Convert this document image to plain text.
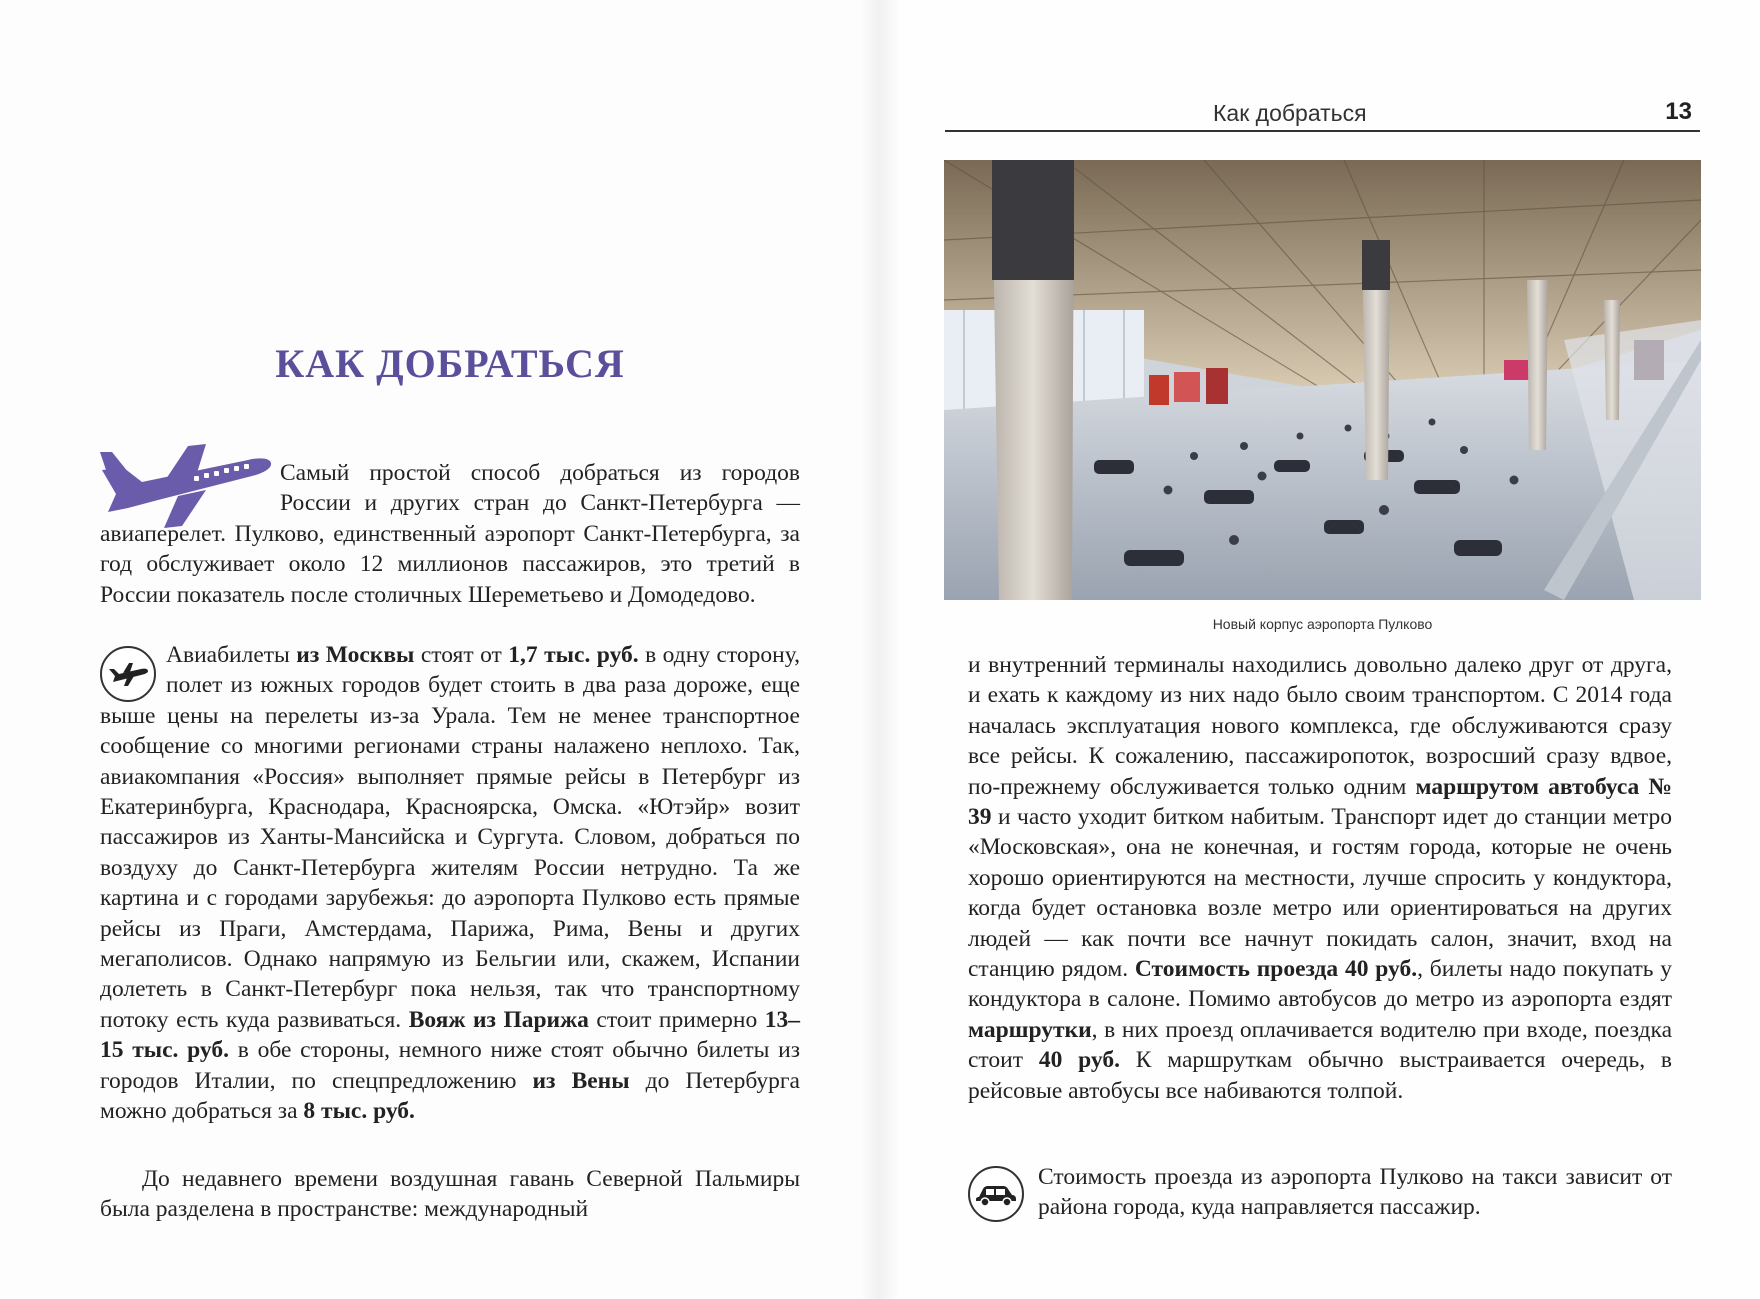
КАК ДОБРАТЬСЯ

Самый простой способ добраться из городов России и других стран до Санкт-Петербурга — авиаперелет. Пулково, единственный аэропорт Санкт-Петербурга, за год обслуживает около 12 миллионов пассажиров, это третий в России показатель после столичных Шереметьево и Домодедово.

Авиабилеты из Москвы стоят от 1,7 тыс. руб. в одну сторону, полет из южных городов будет стоить в два раза дороже, еще выше цены на перелеты из-за Урала. Тем не менее транспортное сообщение со многими регионами страны налажено неплохо. Так, авиакомпания «Россия» выполняет прямые рейсы в Петербург из Екатеринбурга, Краснодара, Красноярска, Омска. «Ютэйр» возит пассажиров из Ханты-Мансийска и Сургута. Словом, добраться по воздуху до Санкт-Петербурга жителям России нетрудно. Та же картина и с городами зарубежья: до аэропорта Пулково есть прямые рейсы из Праги, Амстердама, Парижа, Рима, Вены и других мегаполисов. Однако напрямую из Бельгии или, скажем, Испании долететь в Санкт-Петербург пока нельзя, так что транспортному потоку есть куда развиваться. Вояж из Парижа стоит примерно 13–15 тыс. руб. в обе стороны, немного ниже стоят обычно билеты из городов Италии, по спецпредложению из Вены до Петербурга можно добраться за 8 тыс. руб.

До недавнего времени воздушная гавань Северной Пальмиры была разделена в пространстве: международный

Как добраться	13
Новый корпус аэропорта Пулково

и внутренний терминалы находились довольно далеко друг от друга, и ехать к каждому из них надо было своим транспортом. С 2014 года началась эксплуатация нового комплекса, где обслуживаются сразу все рейсы. К сожалению, пассажиропоток, возросший сразу вдвое, по-прежнему обслуживается только одним маршрутом автобуса № 39 и часто уходит битком набитым. Транспорт идет до станции метро «Московская», она не конечная, и гостям города, которые не очень хорошо ориентируются на местности, лучше спросить у кондуктора, когда будет остановка возле метро или ориентироваться на других людей — как почти все начнут покидать салон, значит, вход на станцию рядом. Стоимость проезда 40 руб., билеты надо покупать у кондуктора в салоне. Помимо автобусов до метро из аэропорта ездят маршрутки, в них проезд оплачивается водителю при входе, поездка стоит 40 руб. К маршруткам обычно выстраивается очередь, в рейсовые автобусы все набиваются толпой.

Стоимость проезда из аэропорта Пулково на такси зависит от района города, куда направляется пассажир.
